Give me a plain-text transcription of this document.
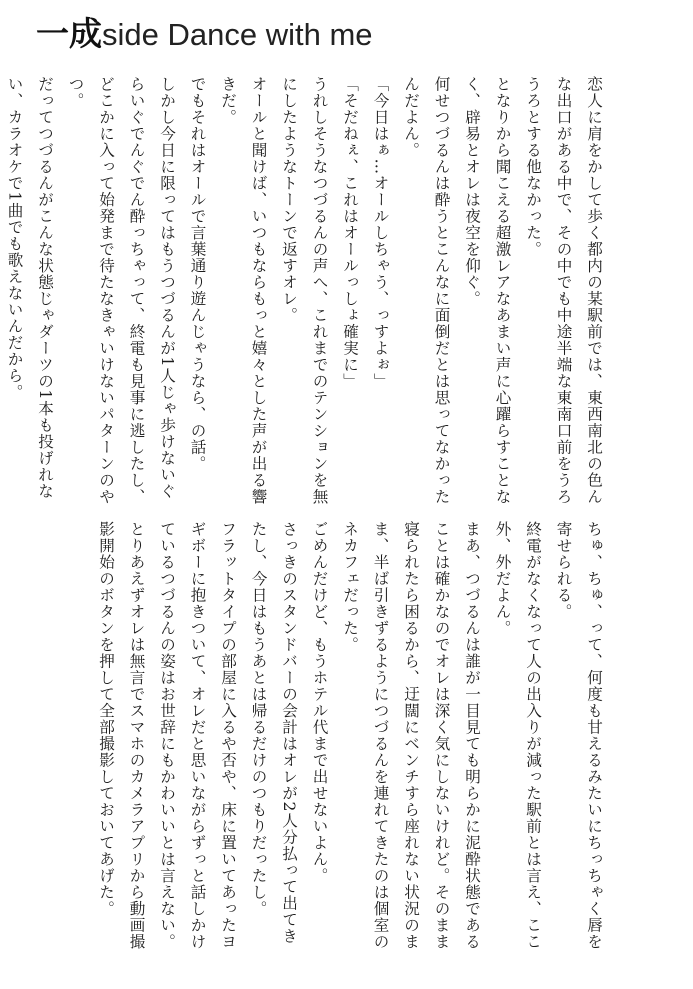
一成side Dance with me

恋人に肩をかして歩く都内の某駅前では、東西南北の色ん

な出口がある中で、その中でも中途半端な東南口前をうろ

うろとする他なかった。

となりから聞こえる超激レアなあまい声に心躍らすことな

く、辟易とオレは夜空を仰ぐ。

何せつづるんは酔うとこんなに面倒だとは思ってなかった

んだよん。

「今日はぁ…オールしちゃう、っすよぉ」

「そだねぇ、これはオールっしょ確実に」

うれしそうなつづるんの声へ、これまでのテンションを無

にしたようなトーンで返すオレ。

オールと聞けば、いつもならもっと嬉々とした声が出る響

きだ。

でもそれはオールで言葉通り遊んじゃうなら、の話。

しかし今日に限ってはもうつづるんが1人じゃ歩けないぐ

らいぐでんぐでん酔っちゃって、終電も見事に逃したし、

どこかに入って始発まで待たなきゃいけないパターンのや

つ。

だってつづるんがこんな状態じゃダーツの1本も投げれな

い、カラオケで1曲でも歌えないんだから。

ちゅ、ちゅ、って、何度も甘えるみたいにちっちゃく唇を

寄せられる。

終電がなくなって人の出入りが減った駅前とは言え、ここ

外、外だよん。

まあ、つづるんは誰が一目見ても明らかに泥酔状態である

ことは確かなのでオレは深く気にしないけれど。そのまま

寝られたら困るから、迂闊にベンチすら座れない状況のま

ま、半ば引きずるようにつづるんを連れてきたのは個室の

ネカフェだった。

ごめんだけど、もうホテル代まで出せないよん。

さっきのスタンドバーの会計はオレが2人分払って出てき

たし、今日はもうあとは帰るだけのつもりだったし。

フラットタイプの部屋に入るや否や、床に置いてあったヨ

ギボーに抱きついて、オレだと思いながらずっと話しかけ

ているつづるんの姿はお世辞にもかわいいとは言えない。

とりあえずオレは無言でスマホのカメラアプリから動画撮

影開始のボタンを押して全部撮影しておいてあげた。
